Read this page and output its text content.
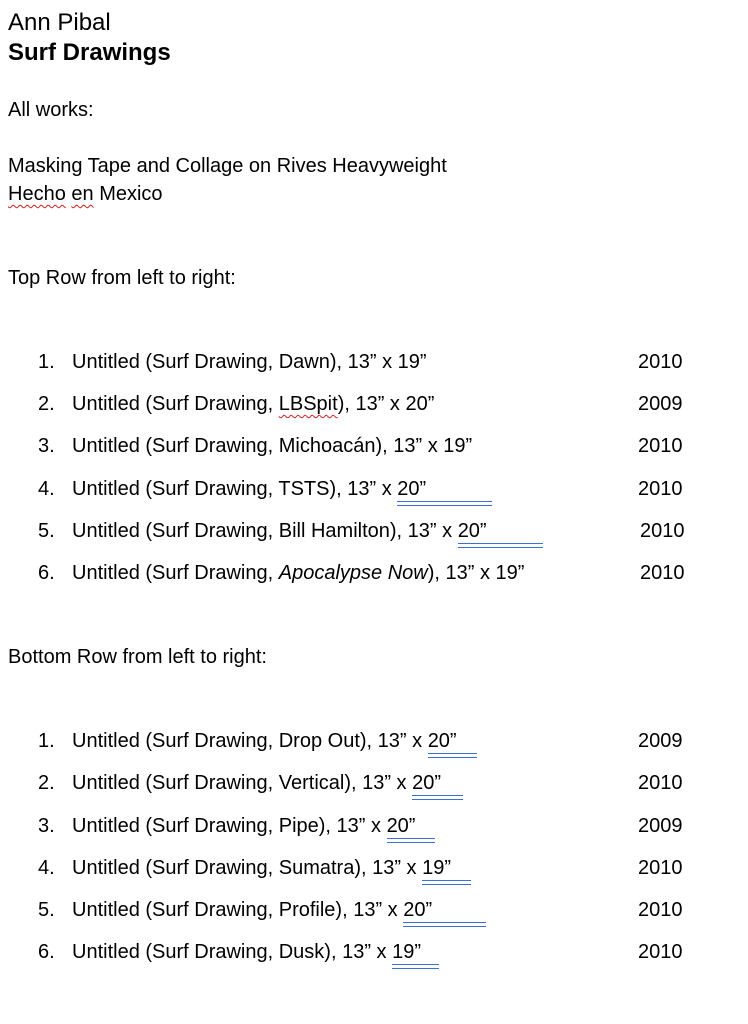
Ann Pibal
Surf Drawings

All works:

Masking Tape and Collage on Rives Heavyweight

Hecho en Mexico

Top Row from left to right:

1. Untitled (Surf Drawing, Dawn), 13” x 19”	2010
2. Untitled (Surf Drawing, LBSpit), 13” x 20”	2009
3. Untitled (Surf Drawing, Michoacán), 13” x 19”	2010
4. Untitled (Surf Drawing, TSTS), 13” x 20”	2010
5. Untitled (Surf Drawing, Bill Hamilton), 13” x 20”	2010
6. Untitled (Surf Drawing, Apocalypse Now), 13” x 19”	2010

Bottom Row from left to right:

1. Untitled (Surf Drawing, Drop Out), 13” x 20”	2009
2. Untitled (Surf Drawing, Vertical), 13” x 20”	2010
3. Untitled (Surf Drawing, Pipe), 13” x 20”	2009
4. Untitled (Surf Drawing, Sumatra), 13” x 19”	2010
5. Untitled (Surf Drawing, Profile), 13” x 20”	2010
6. Untitled (Surf Drawing, Dusk), 13” x 19”	2010
